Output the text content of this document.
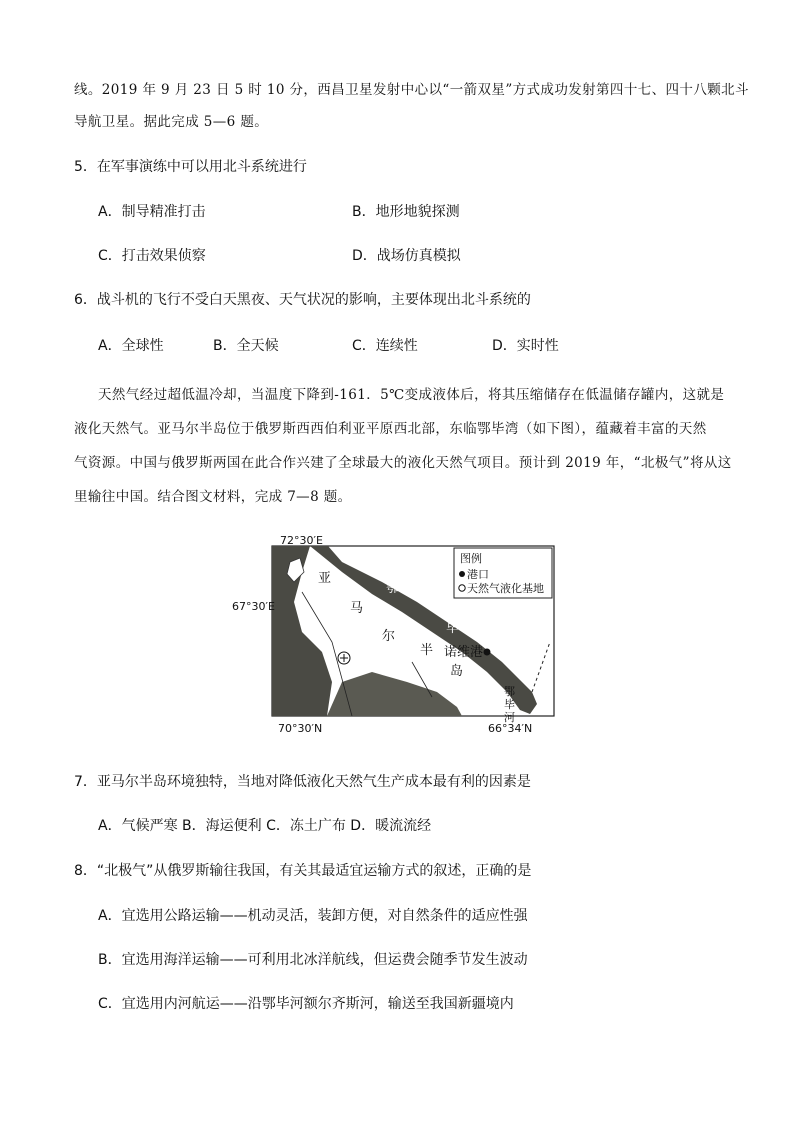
线。2019 年 9 月 23 日 5 时 10 分，西昌卫星发射中心以“一箭双星”方式成功发射第四十七、四十八颗北斗
导航卫星。据此完成 5—6 题。
5．在军事演练中可以用北斗系统进行
A．制导精准打击	B．地形地貌探测
C．打击效果侦察	D．战场仿真模拟
6．战斗机的飞行不受白天黑夜、天气状况的影响，主要体现出北斗系统的
A．全球性	B．全天候	C．连续性	D．实时性
天然气经过超低温冷却，当温度下降到-161．5℃变成液体后，将其压缩储存在低温储存罐内，这就是
液化天然气。亚马尔半岛位于俄罗斯西西伯利亚平原西北部，东临鄂毕湾（如下图），蕴藏着丰富的天然
气资源。中国与俄罗斯两国在此合作兴建了全球最大的液化天然气项目。预计到 2019 年，“北极气”将从这
里输往中国。结合图文材料，完成 7—8 题。
图例
港口
天然气液化基地
72°30′E
67°30′E
70°30′N	66°34′N
亚
马
尔
半
岛
鄂
毕
湾
诺维港
鄂
毕
河
7．亚马尔半岛环境独特，当地对降低液化天然气生产成本最有利的因素是
A．气候严寒 B．海运便利 C．冻土广布 D．暖流流经
8．“北极气”从俄罗斯输往我国，有关其最适宜运输方式的叙述，正确的是
A．宜选用公路运输——机动灵活，装卸方便，对自然条件的适应性强
B．宜选用海洋运输——可利用北冰洋航线，但运费会随季节发生波动
C．宜选用内河航运——沿鄂毕河额尔齐斯河，输送至我国新疆境内
